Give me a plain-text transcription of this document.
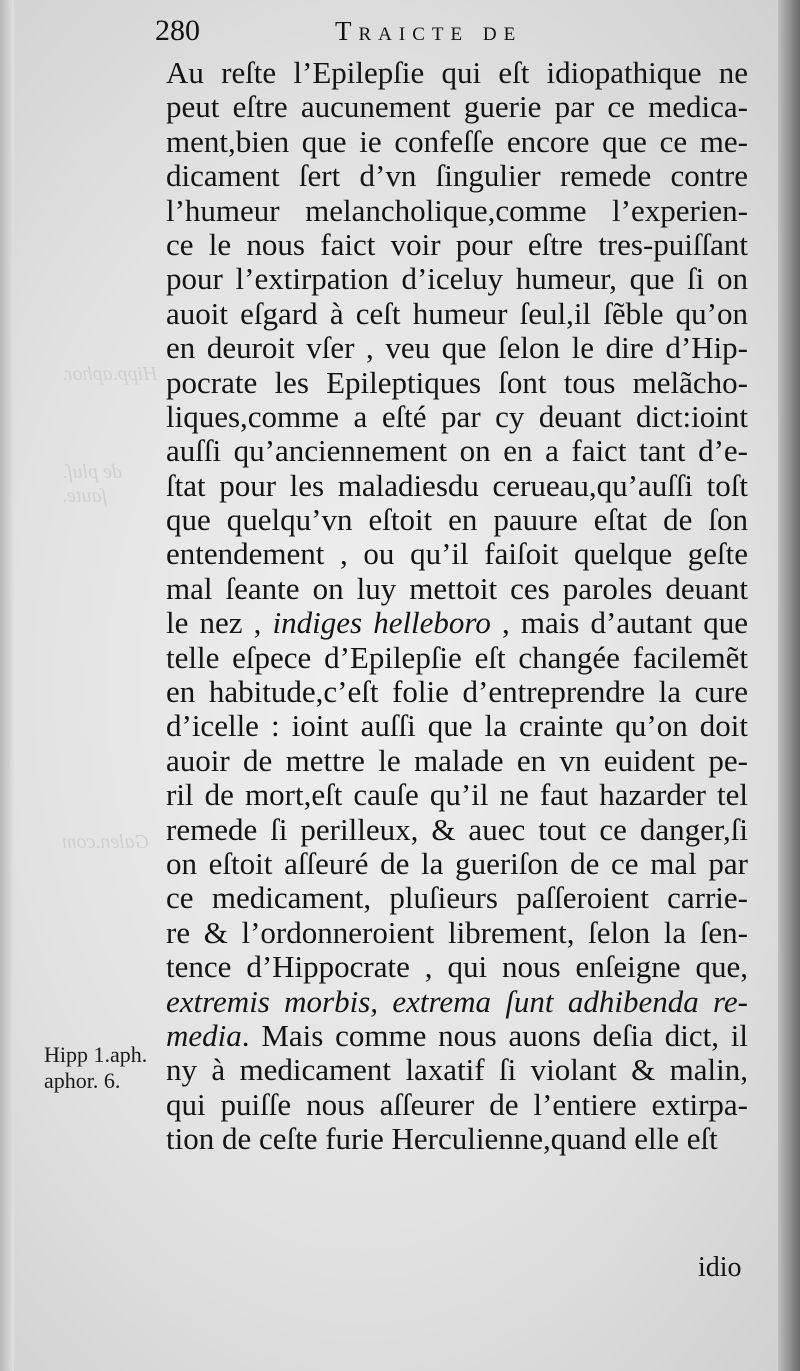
Hipp.aphor.
de pluſ. ſaute.
Galen.com
280	Traicte de
Au reſte l’Epilepſie qui eſt idiopathique ne
peut eſtre aucunement guerie par ce medica-
ment,bien que ie confeſſe encore que ce me-
dicament ſert d’vn ſingulier remede contre
l’humeur melancholique,comme l’experien-
ce le nous faict voir pour eſtre tres-puiſſant
pour l’extirpation d’iceluy humeur, que ſi on
auoit eſgard à ceſt humeur ſeul,il ſẽble qu’on
en deuroit vſer , veu que ſelon le dire d’Hip-
pocrate les Epileptiques ſont tous melãcho-
liques,comme a eſté par cy deuant dict:ioint
auſſi qu’anciennement on en a faict tant d’e-
ſtat pour les maladiesdu cerueau,qu’auſſi toſt
que quelqu’vn eſtoit en pauure eſtat de ſon
entendement , ou qu’il faiſoit quelque geſte
mal ſeante on luy mettoit ces paroles deuant
le nez , indiges helleboro , mais d’autant que
telle eſpece d’Epilepſie eſt changée facilemẽt
en habitude,c’eſt folie d’entreprendre la cure
d’icelle : ioint auſſi que la crainte qu’on doit
auoir de mettre le malade en vn euident pe-
ril de mort,eſt cauſe qu’il ne faut hazarder tel
remede ſi perilleux, & auec tout ce danger,ſi
on eſtoit aſſeuré de la gueriſon de ce mal par
ce medicament, pluſieurs paſſeroient carrie-
re & l’ordonneroient librement, ſelon la ſen-
tence d’Hippocrate , qui nous enſeigne que,
extremis morbis, extrema ſunt adhibenda re-
media. Mais comme nous auons deſia dict, il
ny à medicament laxatif ſi violant & malin,
qui puiſſe nous aſſeurer de l’entiere extirpa-
tion de ceſte furie Herculienne,quand elle eſt
Hipp 1.aph.
aphor. 6.
idio
